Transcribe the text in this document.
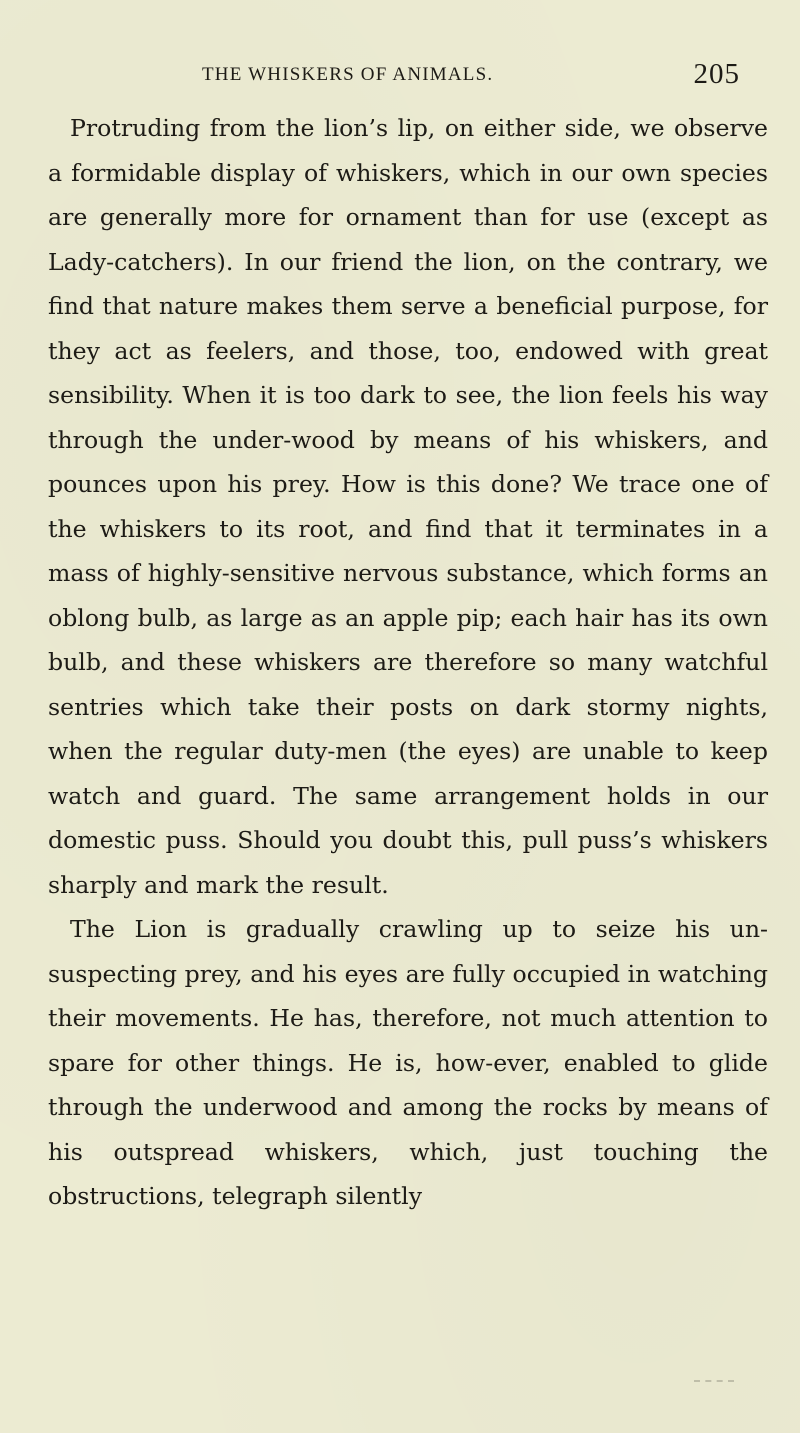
THE WHISKERS OF ANIMALS.	205

Protruding from the lion’s lip, on either side, we observe a formidable display of whiskers, which in our own species are generally more for ornament than for use (except as Lady-catchers). In our friend the lion, on the contrary, we find that nature makes them serve a beneficial purpose, for they act as feelers, and those, too, endowed with great sensibility. When it is too dark to see, the lion feels his way through the under-wood by means of his whiskers, and pounces upon his prey. How is this done? We trace one of the whiskers to its root, and find that it terminates in a mass of highly-sensitive nervous substance, which forms an oblong bulb, as large as an apple pip; each hair has its own bulb, and these whiskers are therefore so many watchful sentries which take their posts on dark stormy nights, when the regular duty-men (the eyes) are unable to keep watch and guard. The same arrangement holds in our domestic puss. Should you doubt this, pull puss’s whiskers sharply and mark the result.

The Lion is gradually crawling up to seize his un-suspecting prey, and his eyes are fully occupied in watching their movements. He has, therefore, not much attention to spare for other things. He is, how-ever, enabled to glide through the underwood and among the rocks by means of his outspread whiskers, which, just touching the obstructions, telegraph silently
